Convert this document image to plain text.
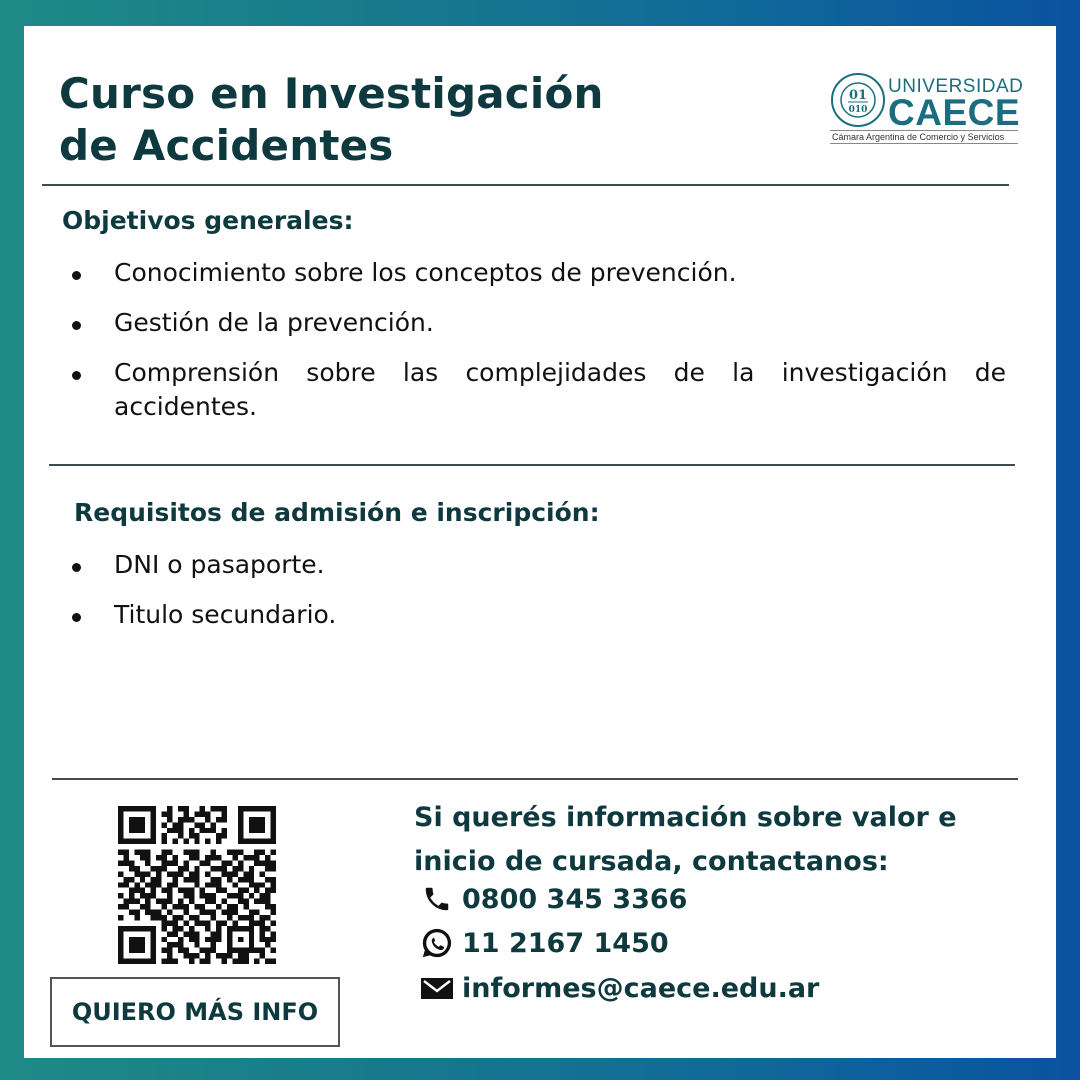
Curso en Investigación
de Accidentes
01
010
UNIVERSIDAD
CAECE
Cámara Argentina de Comercio y Servicios
Objetivos generales:
Conocimiento sobre los conceptos de prevención.
Gestión de la prevención.
Comprensión sobre las complejidades de la investigación de accidentes.
Requisitos de admisión e inscripción:
DNI o pasaporte.
Titulo secundario.
QUIERO MÁS INFO

Si querés información sobre valor e inicio de cursada, contactanos:

0800 345 3366
11 2167 1450
informes@caece.edu.ar
